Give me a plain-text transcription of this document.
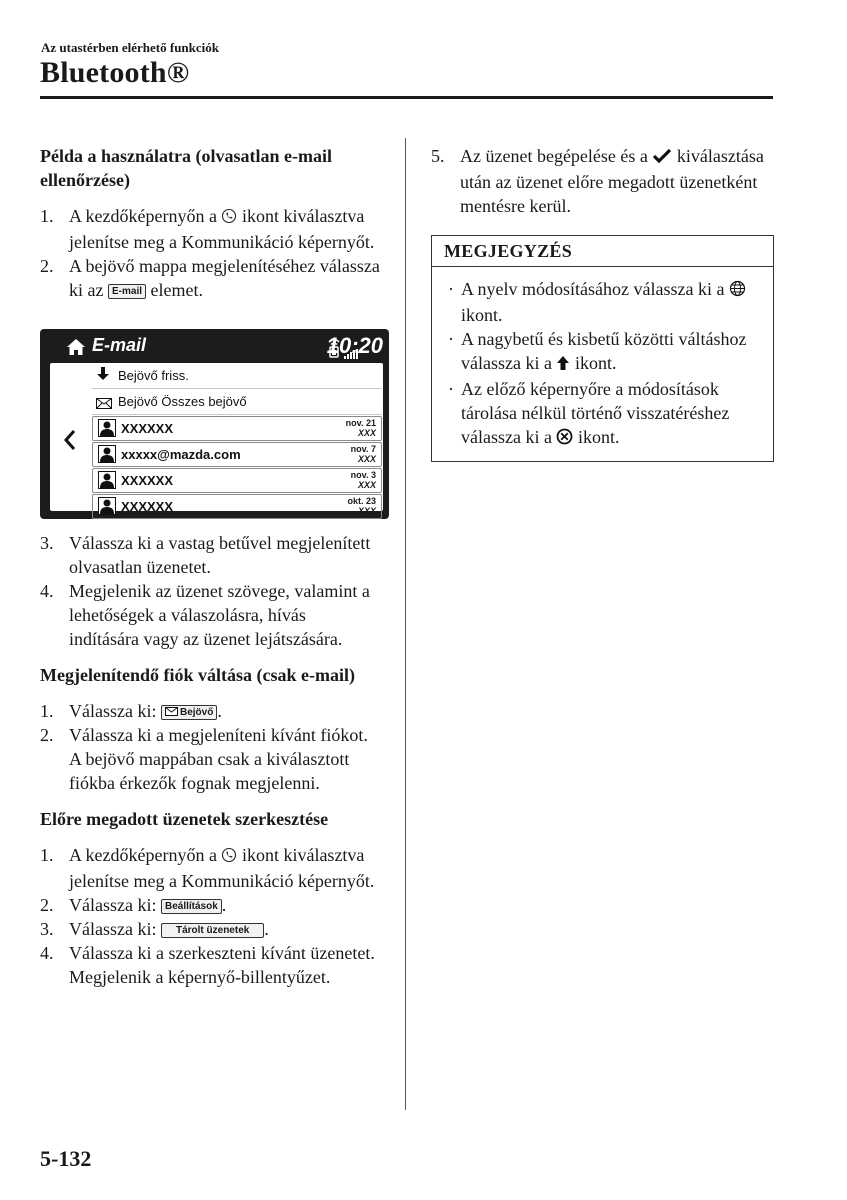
Az utastérben elérhető funkciók
Bluetooth®
Példa a használatra (olvasatlan e-mail ellenőrzése)
1. A kezdőképernyőn a  ikont kiválasztva jelenítse meg a Kommunikáció képernyőt.
2. A bejövő mappa megjelenítéséhez válassza ki az E-mail elemet.
E-mail	10:20
Bejövő friss.
Bejövő Összes bejövő
XXXXXX	nov. 21
XXX
xxxxx@mazda.com	nov. 7
XXX
XXXXXX	nov. 3
XXX
XXXXXX	okt. 23
XXX
3. Válassza ki a vastag betűvel megjelenített olvasatlan üzenetet.
4. Megjelenik az üzenet szövege, valamint a lehetőségek a válaszolásra, hívás indítására vagy az üzenet lejátszására.
Megjelenítendő fiók váltása (csak e-mail)
1. Válassza ki: Bejövő .
2. Válassza ki a megjeleníteni kívánt fiókot. A bejövő mappában csak a kiválasztott fiókba érkezők fognak megjelenni.
Előre megadott üzenetek szerkesztése
1. A kezdőképernyőn a  ikont kiválasztva jelenítse meg a Kommunikáció képernyőt.
2. Válassza ki: Beállítások .
3. Válassza ki: Tárolt üzenetek .
4. Válassza ki a szerkeszteni kívánt üzenetet. Megjelenik a képernyő-billentyűzet.
5. Az üzenet begépelése és a  kiválasztása után az üzenet előre megadott üzenetként mentésre kerül.
MEGJEGYZÉS
· A nyelv módosításához válassza ki a  ikont.
· A nagybetű és kisbetű közötti váltáshoz válassza ki a  ikont.
· Az előző képernyőre a módosítások tárolása nélkül történő visszatéréshez válassza ki a  ikont.
5-132
